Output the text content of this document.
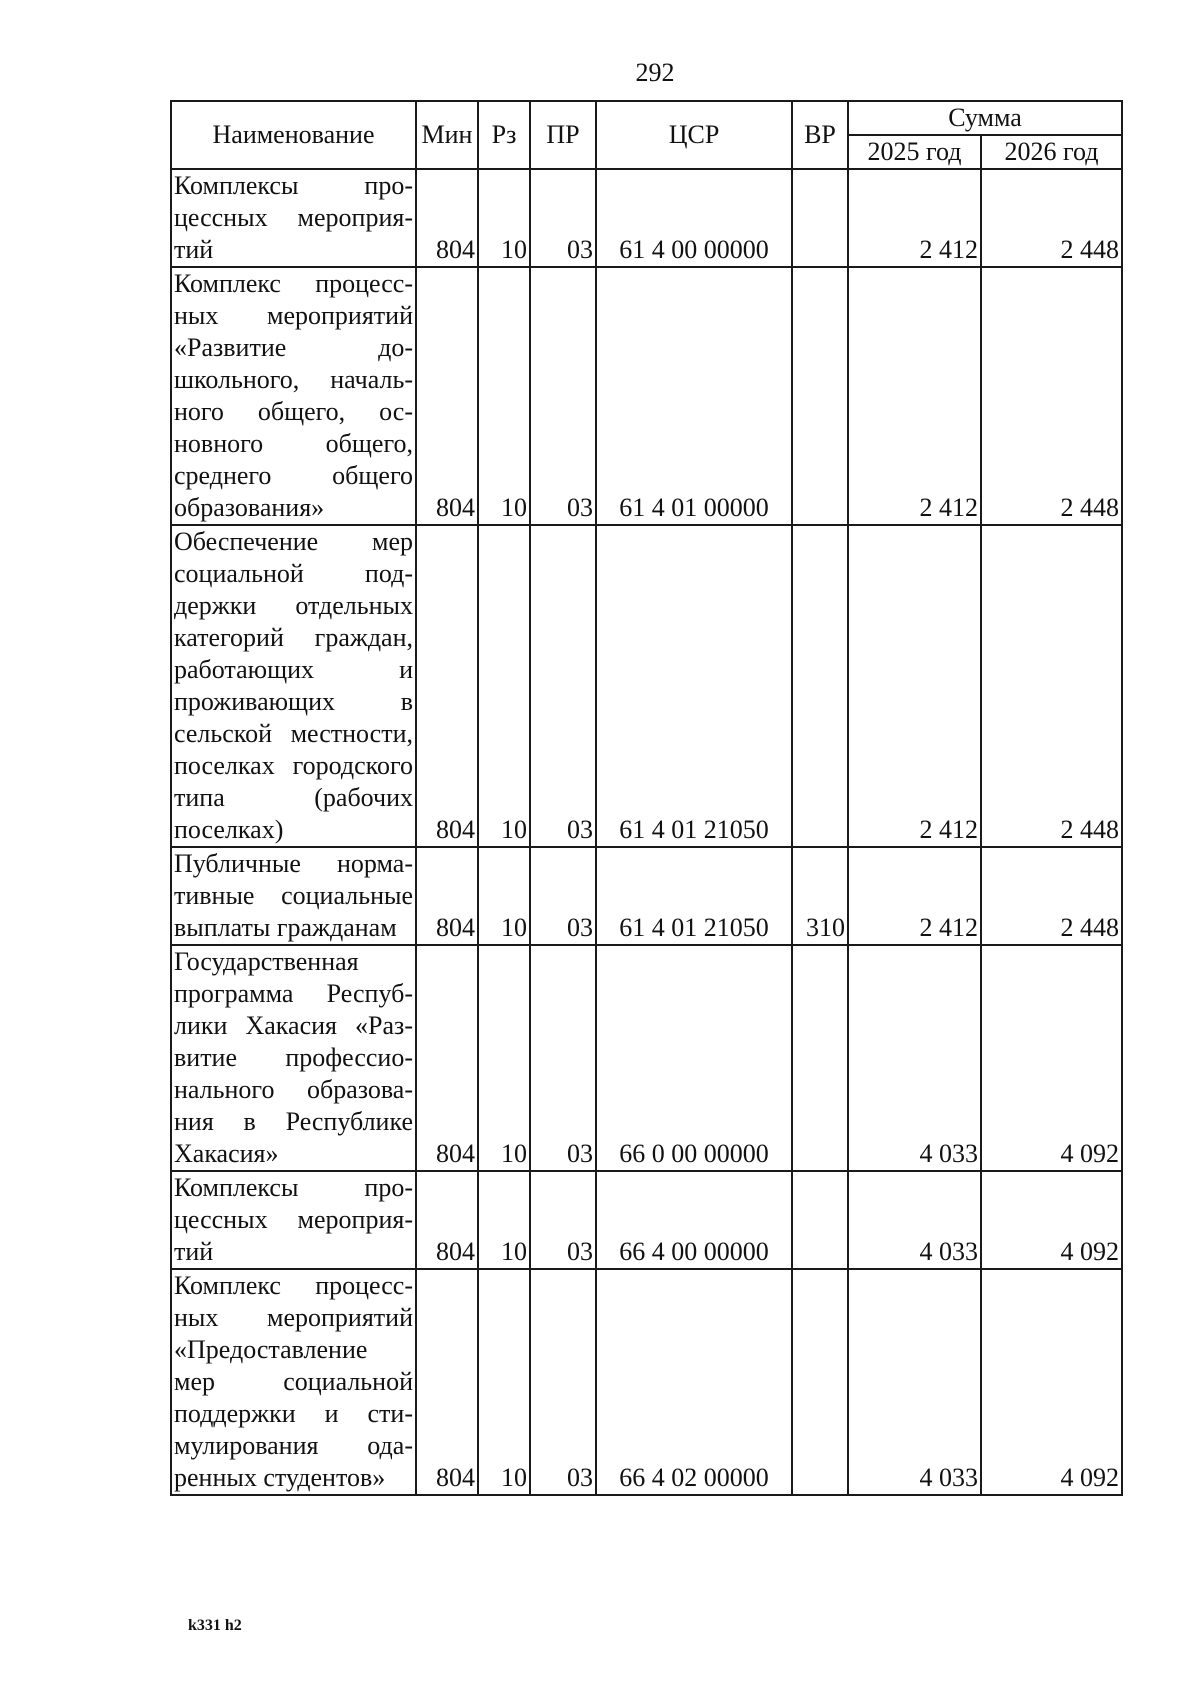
292
Наименование	Мин	Рз	ПР	ЦСР	ВР	Сумма	
						2025 год	2026 год
Комплексы процессных мероприятий	804	10	03	61 4 00 00000		2 412	2 448
Комплекс процессных мероприятий «Развитие дошкольного, начального общего, основного общего, среднего общего образования»	804	10	03	61 4 01 00000		2 412	2 448
Обеспечение мер социальной поддержки отдельных категорий граждан, работающих и проживающих в сельской местности, поселках городского типа (рабочих поселках)	804	10	03	61 4 01 21050		2 412	2 448
Публичные нормативные социальные выплаты гражданам	804	10	03	61 4 01 21050	310	2 412	2 448
Государственная программа Республики Хакасия «Развитие профессионального образования в Республике Хакасия»	804	10	03	66 0 00 00000		4 033	4 092
Комплексы процессных мероприятий	804	10	03	66 4 00 00000		4 033	4 092
Комплекс процессных мероприятий «Предоставление мер социальной поддержки и стимулирования одаренных студентов»	804	10	03	66 4 02 00000		4 033	4 092
k331 h2
